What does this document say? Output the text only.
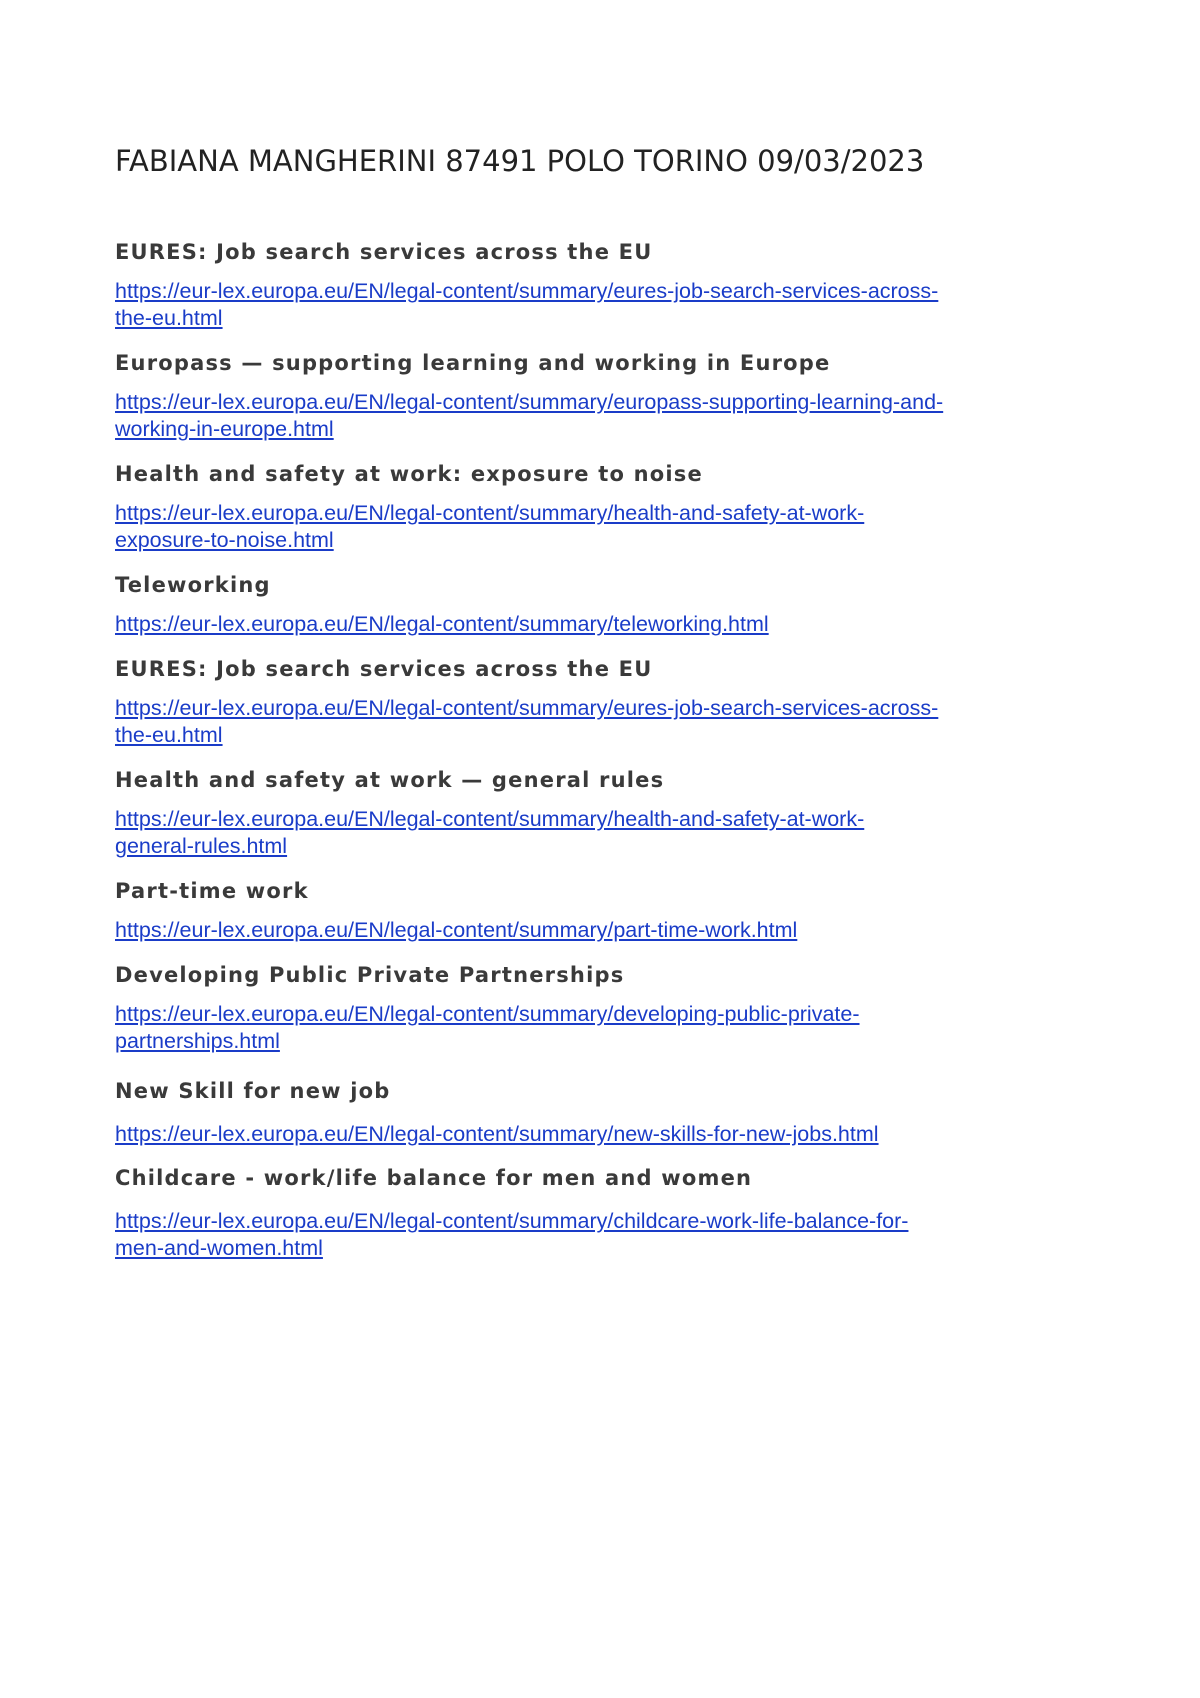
FABIANA MANGHERINI 87491 POLO TORINO 09/03/2023
EURES: Job search services across the EU
https://eur-lex.europa.eu/EN/legal-content/summary/eures-job-search-services-across-
the-eu.html
Europass — supporting learning and working in Europe
https://eur-lex.europa.eu/EN/legal-content/summary/europass-supporting-learning-and-
working-in-europe.html
Health and safety at work: exposure to noise
https://eur-lex.europa.eu/EN/legal-content/summary/health-and-safety-at-work-
exposure-to-noise.html
Teleworking
https://eur-lex.europa.eu/EN/legal-content/summary/teleworking.html
EURES: Job search services across the EU
https://eur-lex.europa.eu/EN/legal-content/summary/eures-job-search-services-across-
the-eu.html
Health and safety at work — general rules
https://eur-lex.europa.eu/EN/legal-content/summary/health-and-safety-at-work-
general-rules.html
Part-time work
https://eur-lex.europa.eu/EN/legal-content/summary/part-time-work.html
Developing Public Private Partnerships
https://eur-lex.europa.eu/EN/legal-content/summary/developing-public-private-
partnerships.html
New Skill for new job
https://eur-lex.europa.eu/EN/legal-content/summary/new-skills-for-new-jobs.html
Childcare - work/life balance for men and women
https://eur-lex.europa.eu/EN/legal-content/summary/childcare-work-life-balance-for-
men-and-women.html
